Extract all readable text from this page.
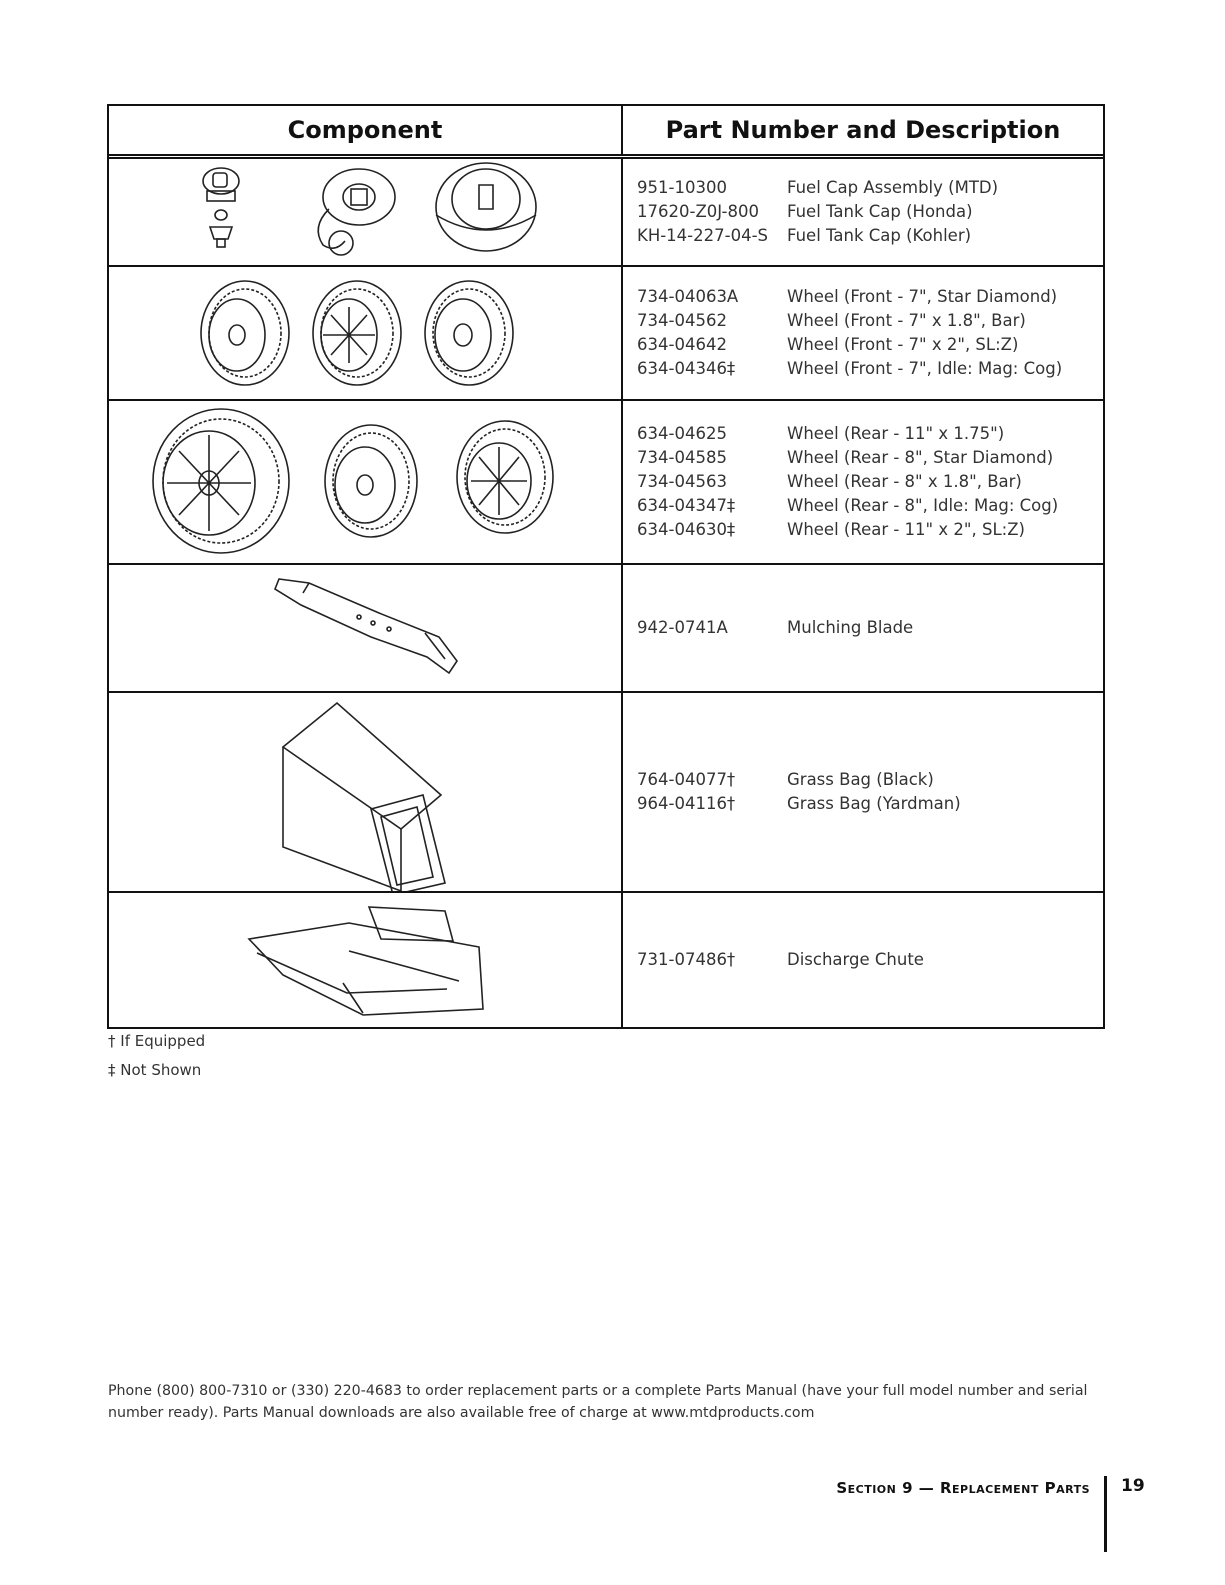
Component	Part Number and Description
951-10300	Fuel Cap Assembly (MTD)
17620-Z0J-800	Fuel Tank Cap (Honda)
KH-14-227-04-S	Fuel Tank Cap (Kohler)
734-04063A	Wheel (Front - 7", Star Diamond)
734-04562	Wheel (Front - 7" x 1.8", Bar)
634-04642	Wheel (Front - 7" x 2", SL:Z)
634-04346‡	Wheel (Front - 7", Idle: Mag: Cog)
634-04625	Wheel (Rear - 11" x 1.75")
734-04585	Wheel (Rear - 8", Star Diamond)
734-04563	Wheel (Rear - 8" x 1.8", Bar)
634-04347‡	Wheel (Rear - 8", Idle: Mag: Cog)
634-04630‡	Wheel (Rear - 11" x 2", SL:Z)
942-0741A	Mulching Blade
764-04077†	Grass Bag (Black)
964-04116†	Grass Bag (Yardman)
731-07486†	Discharge Chute
† If Equipped
‡ Not Shown
Phone (800) 800-7310 or (330) 220-4683 to order replacement parts or a complete Parts Manual (have your full model number and serial number ready). Parts Manual downloads are also available free of charge at www.mtdproducts.com
Section 9 — Replacement Parts 19
